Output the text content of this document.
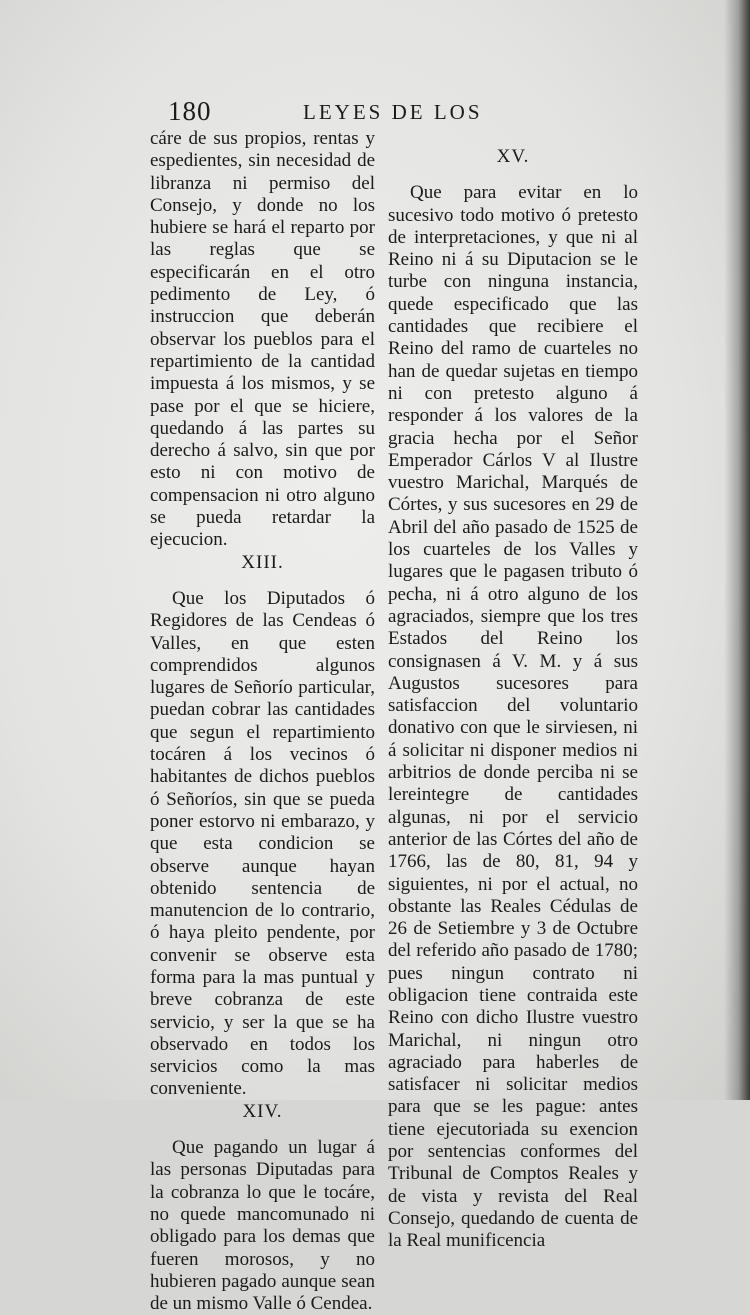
180	LEYES DE LOS

cáre de sus propios, rentas y espedientes, sin necesidad de libranza ni permiso del Consejo, y donde no los hubiere se hará el reparto por las reglas que se especificarán en el otro pedimento de Ley, ó instruccion que deberán observar los pueblos para el repartimiento de la cantidad impuesta á los mismos, y se pase por el que se hiciere, quedando á las partes su derecho á salvo, sin que por esto ni con motivo de compensacion ni otro alguno se pueda retardar la ejecucion.

XIII.

Que los Diputados ó Regidores de las Cendeas ó Valles, en que esten comprendidos algunos lugares de Señorío particular, puedan cobrar las cantidades que segun el repartimiento tocáren á los vecinos ó habitantes de dichos pueblos ó Señoríos, sin que se pueda poner estorvo ni embarazo, y que esta condicion se observe aunque hayan obtenido sentencia de manutencion de lo contrario, ó haya pleito pendente, por convenir se observe esta forma para la mas puntual y breve cobranza de este servicio, y ser la que se ha observado en todos los servicios como la mas conveniente.

XIV.

Que pagando un lugar á las personas Diputadas para la cobranza lo que le tocáre, no quede mancomunado ni obligado para los demas que fueren morosos, y no hubieren pagado aunque sean de un mismo Valle ó Cendea.

XV.

Que para evitar en lo sucesivo todo motivo ó pretesto de interpretaciones, y que ni al Reino ni á su Diputacion se le turbe con ninguna instancia, quede especificado que las cantidades que recibiere el Reino del ramo de cuarteles no han de quedar sujetas en tiempo ni con pretesto alguno á responder á los valores de la gracia hecha por el Señor Emperador Cárlos V al Ilustre vuestro Marichal, Marqués de Córtes, y sus sucesores en 29 de Abril del año pasado de 1525 de los cuarteles de los Valles y lugares que le pagasen tributo ó pecha, ni á otro alguno de los agraciados, siempre que los tres Estados del Reino los consignasen á V. M. y á sus Augustos sucesores para satisfaccion del voluntario donativo con que le sirviesen, ni á solicitar ni disponer medios ni arbitrios de donde perciba ni se lereintegre de cantidades algunas, ni por el servicio anterior de las Córtes del año de 1766, las de 80, 81, 94 y siguientes, ni por el actual, no obstante las Reales Cédulas de 26 de Setiembre y 3 de Octubre del referido año pasado de 1780; pues ningun contrato ni obligacion tiene contraida este Reino con dicho Ilustre vuestro Marichal, ni ningun otro agraciado para haberles de satisfacer ni solicitar medios para que se les pague: antes tiene ejecutoriada su exencion por sentencias conformes del Tribunal de Comptos Reales y de vista y revista del Real Consejo, quedando de cuenta de la Real munificencia
